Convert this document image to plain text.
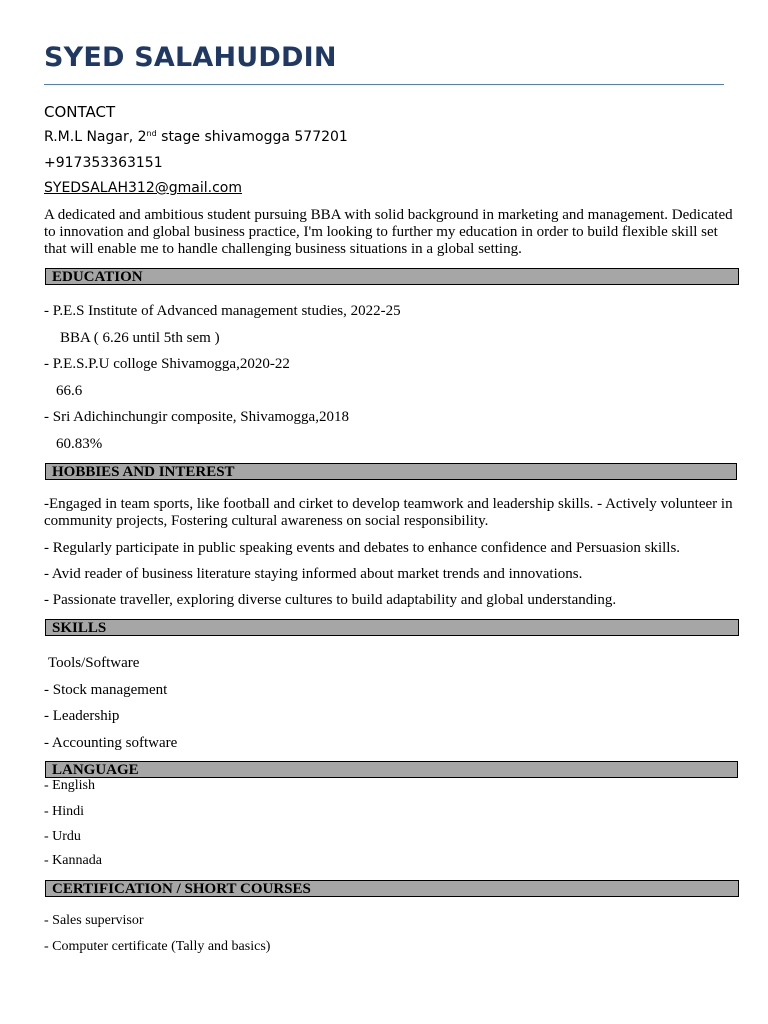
SYED SALAHUDDIN
CONTACT
R.M.L Nagar, 2nd stage shivamogga 577201
+917353363151
SYEDSALAH312@gmail.com
A dedicated and ambitious student pursuing BBA with solid background in marketing and management. Dedicated to innovation and global business practice, I'm looking to further my education in order to build flexible skill set that will enable me to handle challenging business situations in a global setting.
EDUCATION
- P.E.S Institute of Advanced management studies, 2022-25
BBA ( 6.26 until 5th sem )
- P.E.S.P.U colloge Shivamogga,2020-22
66.6
- Sri Adichinchungir composite, Shivamogga,2018
60.83%
HOBBIES AND INTEREST
-Engaged in team sports, like football and cirket to develop teamwork and leadership skills. - Actively volunteer in community projects, Fostering cultural awareness on social responsibility.
- Regularly participate in public speaking events and debates to enhance confidence and Persuasion skills.
- Avid reader of business literature staying informed about market trends and innovations.
- Passionate traveller, exploring diverse cultures to build adaptability and global understanding.
SKILLS
Tools/Software
- Stock management
- Leadership
- Accounting software
LANGUAGE
- English
- Hindi
- Urdu
- Kannada
CERTIFICATION / SHORT COURSES
- Sales supervisor
- Computer certificate (Tally and basics)
